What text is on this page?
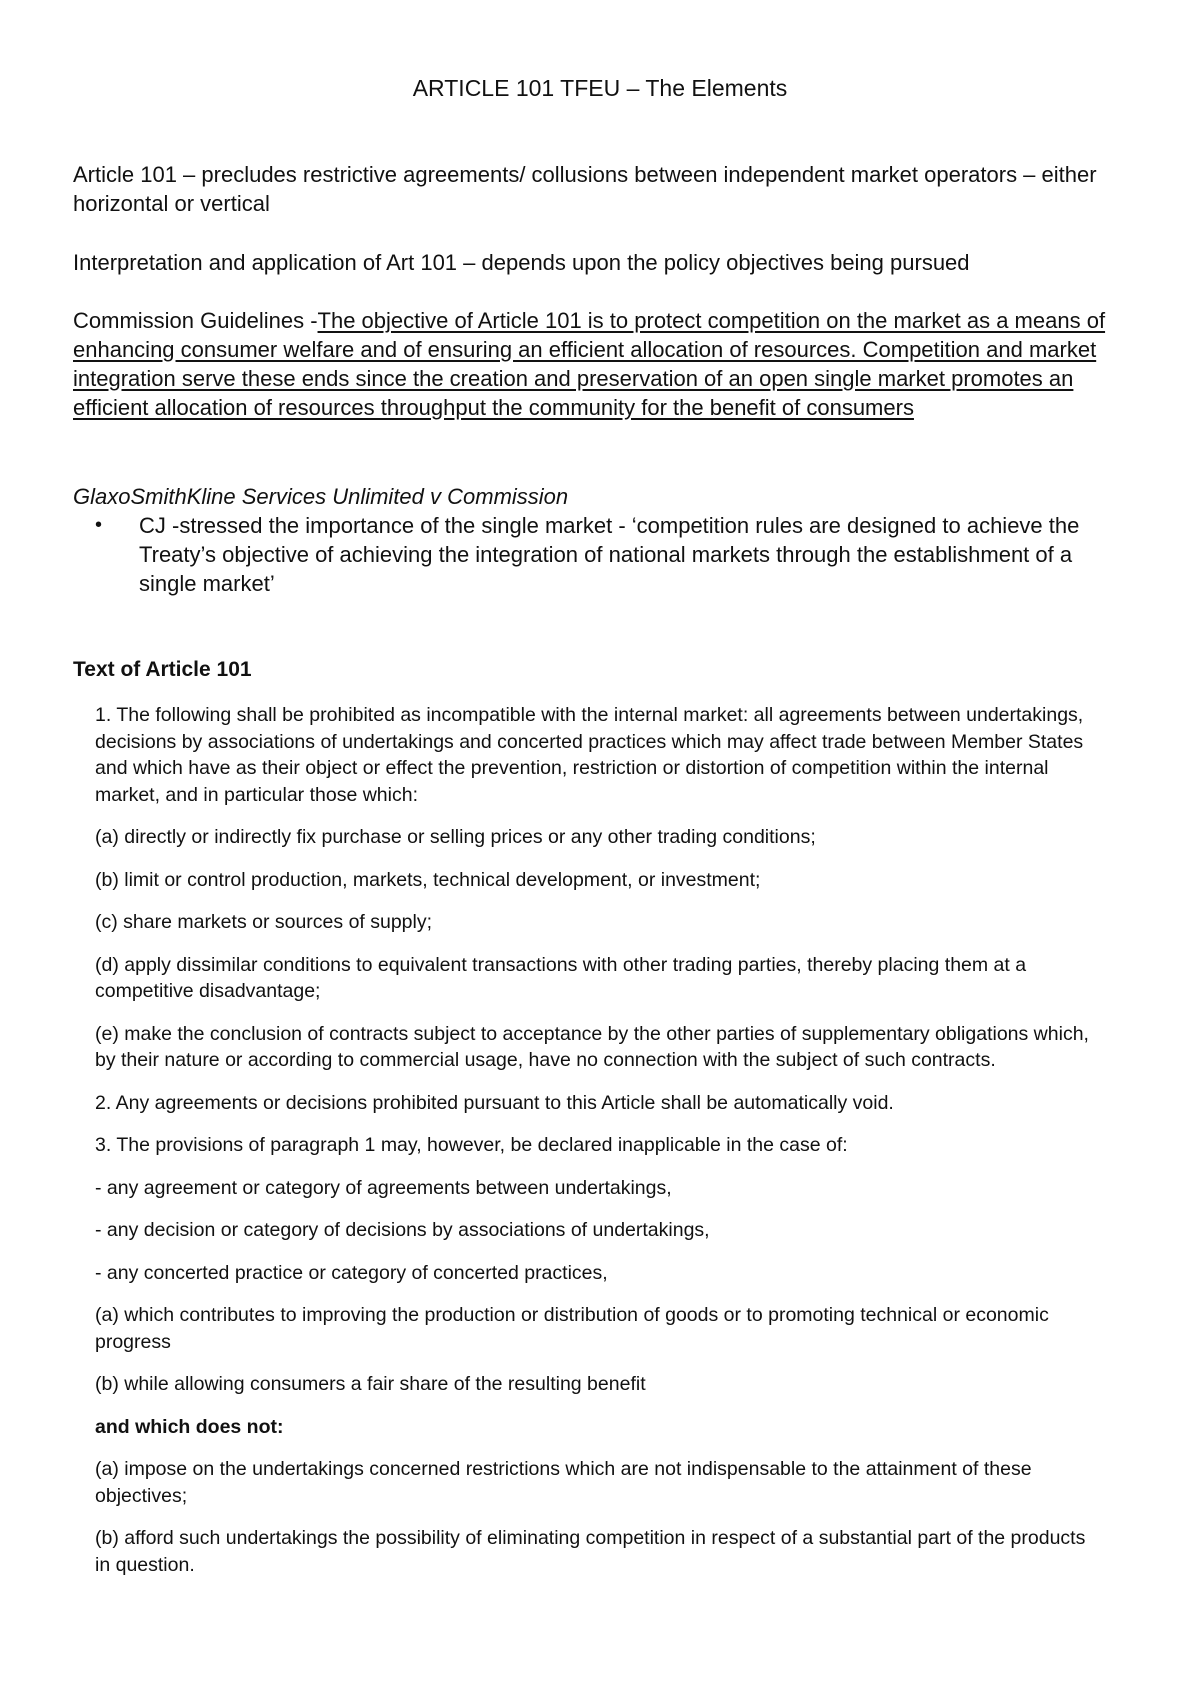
ARTICLE 101 TFEU – The Elements
Article 101 – precludes restrictive agreements/ collusions between independent market operators – either horizontal or vertical
Interpretation and application of Art 101 – depends upon the policy objectives being pursued
Commission Guidelines -The objective of Article 101 is to protect competition on the market as a means of enhancing consumer welfare and of ensuring an efficient allocation of resources. Competition and market integration serve these ends since the creation and preservation of an open single market promotes an efficient allocation of resources throughput the community for the benefit of consumers
GlaxoSmithKline Services Unlimited v Commission
•	CJ -stressed the importance of the single market - ‘competition rules are designed to achieve the Treaty’s objective of achieving the integration of national markets through the establishment of a single market’
Text of Article 101

1. The following shall be prohibited as incompatible with the internal market: all agreements between undertakings, decisions by associations of undertakings and concerted practices which may affect trade between Member States and which have as their object or effect the prevention, restriction or distortion of competition within the internal market, and in particular those which:

(a) directly or indirectly fix purchase or selling prices or any other trading conditions;

(b) limit or control production, markets, technical development, or investment;

(c) share markets or sources of supply;

(d) apply dissimilar conditions to equivalent transactions with other trading parties, thereby placing them at a competitive disadvantage;

(e) make the conclusion of contracts subject to acceptance by the other parties of supplementary obligations which, by their nature or according to commercial usage, have no connection with the subject of such contracts.

2. Any agreements or decisions prohibited pursuant to this Article shall be automatically void.

3. The provisions of paragraph 1 may, however, be declared inapplicable in the case of:

- any agreement or category of agreements between undertakings,

- any decision or category of decisions by associations of undertakings,

- any concerted practice or category of concerted practices,

(a) which contributes to improving the production or distribution of goods or to promoting technical or economic progress

(b) while allowing consumers a fair share of the resulting benefit

and which does not:

(a) impose on the undertakings concerned restrictions which are not indispensable to the attainment of these objectives;

(b) afford such undertakings the possibility of eliminating competition in respect of a substantial part of the products in question.
